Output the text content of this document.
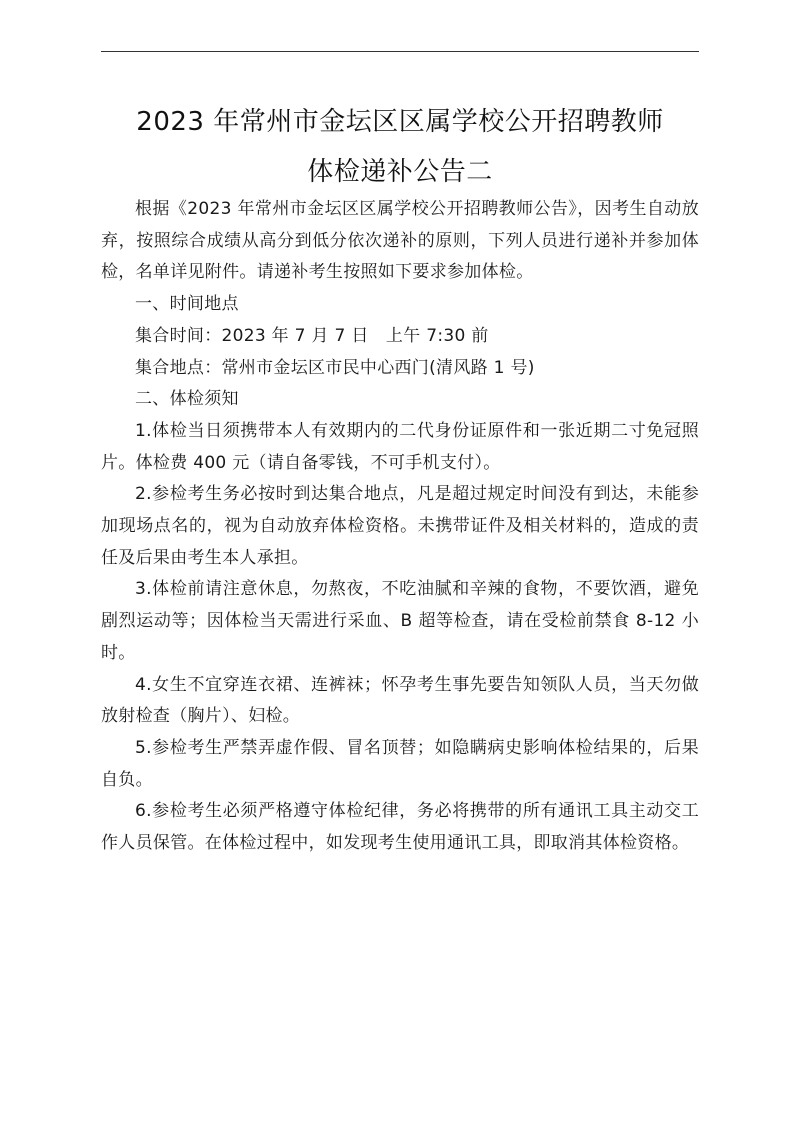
2023 年常州市金坛区区属学校公开招聘教师
体检递补公告二

根据《2023 年常州市金坛区区属学校公开招聘教师公告》，因考生自动放弃，按照综合成绩从高分到低分依次递补的原则，下列人员进行递补并参加体检，名单详见附件。请递补考生按照如下要求参加体检。

一、时间地点

集合时间：2023 年 7 月 7 日　上午 7:30 前

集合地点：常州市金坛区市民中心西门(清风路 1 号)

二、体检须知

1.体检当日须携带本人有效期内的二代身份证原件和一张近期二寸免冠照片。体检费 400 元（请自备零钱，不可手机支付）。

2.参检考生务必按时到达集合地点，凡是超过规定时间没有到达，未能参加现场点名的，视为自动放弃体检资格。未携带证件及相关材料的，造成的责任及后果由考生本人承担。

3.体检前请注意休息，勿熬夜，不吃油腻和辛辣的食物，不要饮酒，避免剧烈运动等；因体检当天需进行采血、B 超等检查，请在受检前禁食 8-12 小时。

4.女生不宜穿连衣裙、连裤袜；怀孕考生事先要告知领队人员，当天勿做放射检查（胸片）、妇检。

5.参检考生严禁弄虚作假、冒名顶替；如隐瞒病史影响体检结果的，后果自负。

6.参检考生必须严格遵守体检纪律，务必将携带的所有通讯工具主动交工作人员保管。在体检过程中，如发现考生使用通讯工具，即取消其体检资格。
